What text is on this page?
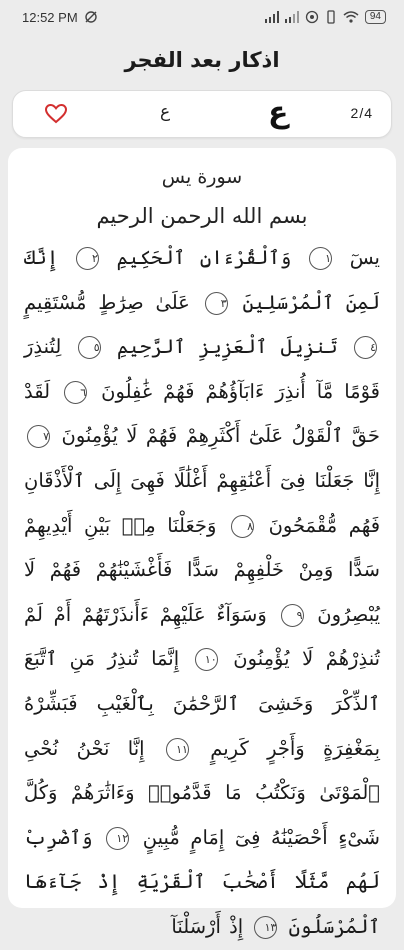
12:52 PM	94
اذكار بعد الفجر
ع	ع	2/4
سورة يس
بسم الله الرحمن الرحيم
يسٓ ١ وَٱلْقُرْءَانِ ٱلْحَكِيمِ ٢ إِنَّكَ لَمِنَ ٱلْمُرْسَلِينَ ٣ عَلَىٰ صِرَٰطٍ مُّسْتَقِيمٍ ٤ تَنزِيلَ ٱلْعَزِيزِ ٱلرَّحِيمِ ٥ لِتُنذِرَ قَوْمًا مَّآ أُنذِرَ ءَابَآؤُهُمْ فَهُمْ غَٰفِلُونَ ٦ لَقَدْ حَقَّ ٱلْقَوْلُ عَلَىٰٓ أَكْثَرِهِمْ فَهُمْ لَا يُؤْمِنُونَ ٧ إِنَّا جَعَلْنَا فِىٓ أَعْنَٰقِهِمْ أَغْلَٰلًا فَهِىَ إِلَى ٱلْأَذْقَانِ فَهُم مُّقْمَحُونَ ٨ وَجَعَلْنَا مِنۢ بَيْنِ أَيْدِيهِمْ سَدًّا وَمِنْ خَلْفِهِمْ سَدًّا فَأَغْشَيْنَٰهُمْ فَهُمْ لَا يُبْصِرُونَ ٩ وَسَوَآءٌ عَلَيْهِمْ ءَأَنذَرْتَهُمْ أَمْ لَمْ تُنذِرْهُمْ لَا يُؤْمِنُونَ ١٠ إِنَّمَا تُنذِرُ مَنِ ٱتَّبَعَ ٱلذِّكْرَ وَخَشِىَ ٱلرَّحْمَٰنَ بِٱلْغَيْبِ فَبَشِّرْهُ بِمَغْفِرَةٍ وَأَجْرٍ كَرِيمٍ ١١ إِنَّا نَحْنُ نُحْىِ ٱلْمَوْتَىٰ وَنَكْتُبُ مَا قَدَّمُوا۟ وَءَاثَٰرَهُمْ وَكُلَّ شَىْءٍ أَحْصَيْنَٰهُ فِىٓ إِمَامٍ مُّبِينٍ ١٢ وَٱضْرِبْ لَهُم مَّثَلًا أَصْحَٰبَ ٱلْقَرْيَةِ إِذْ جَآءَهَا ٱلْمُرْسَلُونَ ١٣ إِذْ أَرْسَلْنَآ
